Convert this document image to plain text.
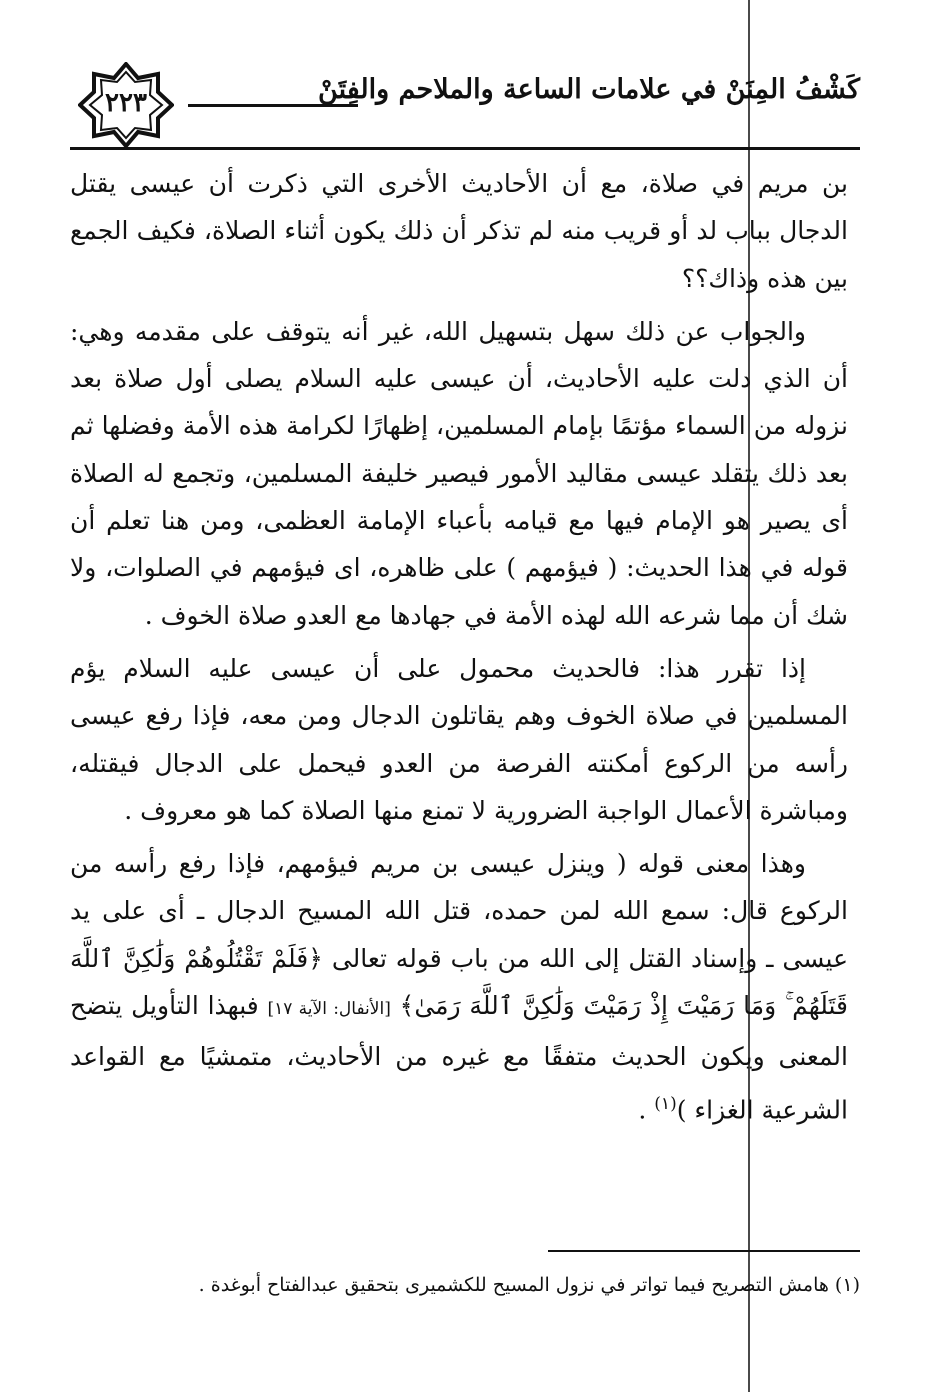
٢٢٣	كَشْفُ المِنَنْ في علامات الساعة والملاحم والفِتَنْ

بن مريم في صلاة، مع أن الأحاديث الأخرى التي ذكرت أن عيسى يقتل الدجال بباب لد أو قريب منه لم تذكر أن ذلك يكون أثناء الصلاة، فكيف الجمع بين هذه وذاك؟؟

والجواب عن ذلك سهل بتسهيل الله، غير أنه يتوقف على مقدمه وهي: أن الذي دلت عليه الأحاديث، أن عيسى عليه السلام يصلى أول صلاة بعد نزوله من السماء مؤتمًا بإمام المسلمين، إظهارًا لكرامة هذه الأمة وفضلها ثم بعد ذلك يتقلد عيسى مقاليد الأمور فيصير خليفة المسلمين، وتجمع له الصلاة أى يصير هو الإمام فيها مع قيامه بأعباء الإمامة العظمى، ومن هنا تعلم أن قوله في هذا الحديث: ( فيؤمهم ) على ظاهره، اى فيؤمهم في الصلوات، ولا شك أن مما شرعه الله لهذه الأمة في جهادها مع العدو صلاة الخوف .

إذا تقرر هذا: فالحديث محمول على أن عيسى عليه السلام يؤم المسلمين في صلاة الخوف وهم يقاتلون الدجال ومن معه، فإذا رفع عيسى رأسه من الركوع أمكنته الفرصة من العدو فيحمل على الدجال فيقتله، ومباشرة الأعمال الواجبة الضرورية لا تمنع منها الصلاة كما هو معروف .

وهذا معنى قوله ( وينزل عيسى بن مريم فيؤمهم، فإذا رفع رأسه من الركوع قال: سمع الله لمن حمده، قتل الله المسيح الدجال ـ أى على يد عيسى ـ وإسناد القتل إلى الله من باب قوله تعالى ﴿فَلَمْ تَقْتُلُوهُمْ وَلَٰكِنَّ ٱللَّهَ قَتَلَهُمْ ۚ وَمَا رَمَيْتَ إِذْ رَمَيْتَ وَلَٰكِنَّ ٱللَّهَ رَمَىٰ﴾ [الأنفال: الآية ١٧] فبهذا التأويل يتضح المعنى ويكون الحديث متفقًا مع غيره من الأحاديث، متمشيًا مع القواعد الشرعية الغزاء )$^{(١)}$ .

(١) هامش التصريح فيما تواتر في نزول المسيح للكشميرى بتحقيق عبدالفتاح أبوغدة .
